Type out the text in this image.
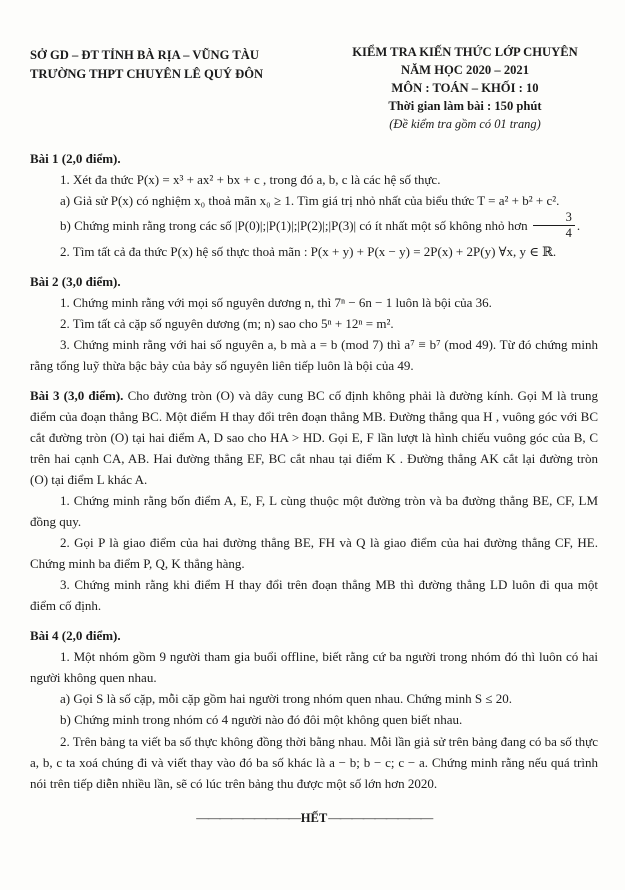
SỞ GD – ĐT TỈNH BÀ RỊA – VŨNG TÀU
TRƯỜNG THPT CHUYÊN LÊ QUÝ ĐÔN
KIỂM TRA KIẾN THỨC LỚP CHUYÊN
NĂM HỌC 2020 – 2021
MÔN : TOÁN – KHỐI : 10
Thời gian làm bài : 150 phút
(Đề kiểm tra gồm có 01 trang)

Bài 1 (2,0 điểm).

1. Xét đa thức P(x) = x³ + ax² + bx + c , trong đó a, b, c là các hệ số thực.

a) Giả sử P(x) có nghiệm x₀ thoả mãn x₀ ≥ 1. Tìm giá trị nhỏ nhất của biểu thức T = a² + b² + c².

b) Chứng minh rằng trong các số |P(0)|;|P(1)|;|P(2)|;|P(3)| có ít nhất một số không nhỏ hơn $\frac{3}{4}$ .

2. Tìm tất cả đa thức P(x) hệ số thực thoả mãn : P(x + y) + P(x − y) = 2P(x) + 2P(y) ∀x, y ∈ ℝ.

Bài 2 (3,0 điểm).

1. Chứng minh rằng với mọi số nguyên dương n, thì 7ⁿ − 6n − 1 luôn là bội của 36.

2. Tìm tất cả cặp số nguyên dương (m; n) sao cho 5ⁿ + 12ⁿ = m².

3. Chứng minh rằng với hai số nguyên a, b mà a = b (mod 7) thì a⁷ ≡ b⁷ (mod 49). Từ đó chứng minh rằng tổng luỹ thừa bậc bảy của bảy số nguyên liên tiếp luôn là bội của 49.

Bài 3 (3,0 điểm). Cho đường tròn (O) và dây cung BC cố định không phải là đường kính. Gọi M là trung điểm của đoạn thẳng BC. Một điểm H thay đổi trên đoạn thẳng MB. Đường thẳng qua H , vuông góc với BC cắt đường tròn (O) tại hai điểm A, D sao cho HA > HD. Gọi E, F lần lượt là hình chiếu vuông góc của B, C trên hai cạnh CA, AB. Hai đường thẳng EF, BC cắt nhau tại điểm K . Đường thẳng AK cắt lại đường tròn (O) tại điểm L khác A.

1. Chứng minh rằng bốn điểm A, E, F, L cùng thuộc một đường tròn và ba đường thẳng BE, CF, LM đồng quy.

2. Gọi P là giao điểm của hai đường thẳng BE, FH và Q là giao điểm của hai đường thẳng CF, HE. Chứng minh ba điểm P, Q, K thẳng hàng.

3. Chứng minh rằng khi điểm H thay đổi trên đoạn thẳng MB thì đường thẳng LD luôn đi qua một điểm cố định.

Bài 4 (2,0 điểm).

1. Một nhóm gồm 9 người tham gia buổi offline, biết rằng cứ ba người trong nhóm đó thì luôn có hai người không quen nhau.

a) Gọi S là số cặp, mỗi cặp gồm hai người trong nhóm quen nhau. Chứng minh S ≤ 20.

b) Chứng minh trong nhóm có 4 người nào đó đôi một không quen biết nhau.

2. Trên bảng ta viết ba số thực không đồng thời bằng nhau. Mỗi lần giả sử trên bảng đang có ba số thực a, b, c ta xoá chúng đi và viết thay vào đó ba số khác là a − b; b − c; c − a. Chứng minh rằng nếu quá trình nói trên tiếp diễn nhiều lần, sẽ có lúc trên bảng thu được một số lớn hơn 2020.

—————————HẾT—————————
